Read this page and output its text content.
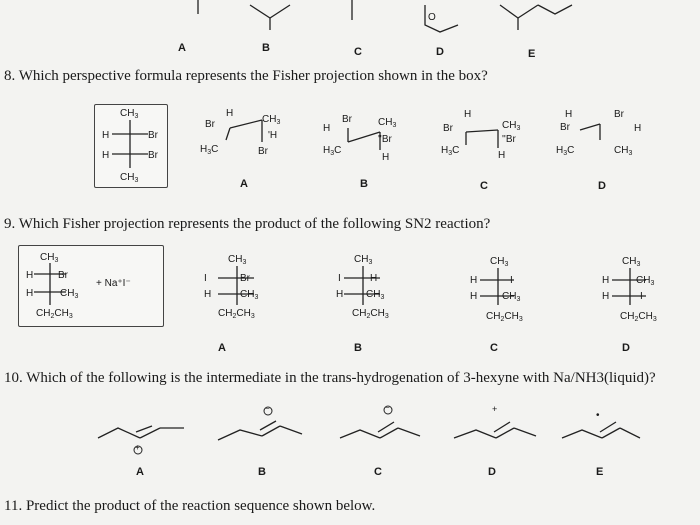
O
A	B	C	D	E
8. Which perspective formula represents the Fisher projection shown in the box?
$CH_3$
H	Br
H	Br
$CH_3$
Br
H
$CH_3$
'H
$H_3C$	Br
Br
H
$CH_3$
''Br
$H_3C$
H
Br
H
$CH_3$
''Br
$H_3C$	H
H	Br
Br	H
$H_3C$	$CH_3$
A	B	C	D
9. Which Fisher projection represents the product of the following SN2 reaction?
$CH_3$
H Br
H	$CH_3$
$CH_2CH_3$
$CH_3$
I	Br
H	$CH_3$
$CH_2CH_3$
$CH_3$
I	H
H $CH_3$
$CH_2CH_3$
$CH_3$
H	I
H $CH_3$
$CH_2CH_3$
$CH_3$
H	$CH_3$
H	I
$CH_2CH_3$
+ Na⁺I⁻
A	B	C	D
10. Which of the following is the intermediate in the trans-hydrogenation of 3-hexyne with Na/NH3(liquid)?
+
−	−	+
•
A	B	C	D	E
11. Predict the product of the reaction sequence shown below.
